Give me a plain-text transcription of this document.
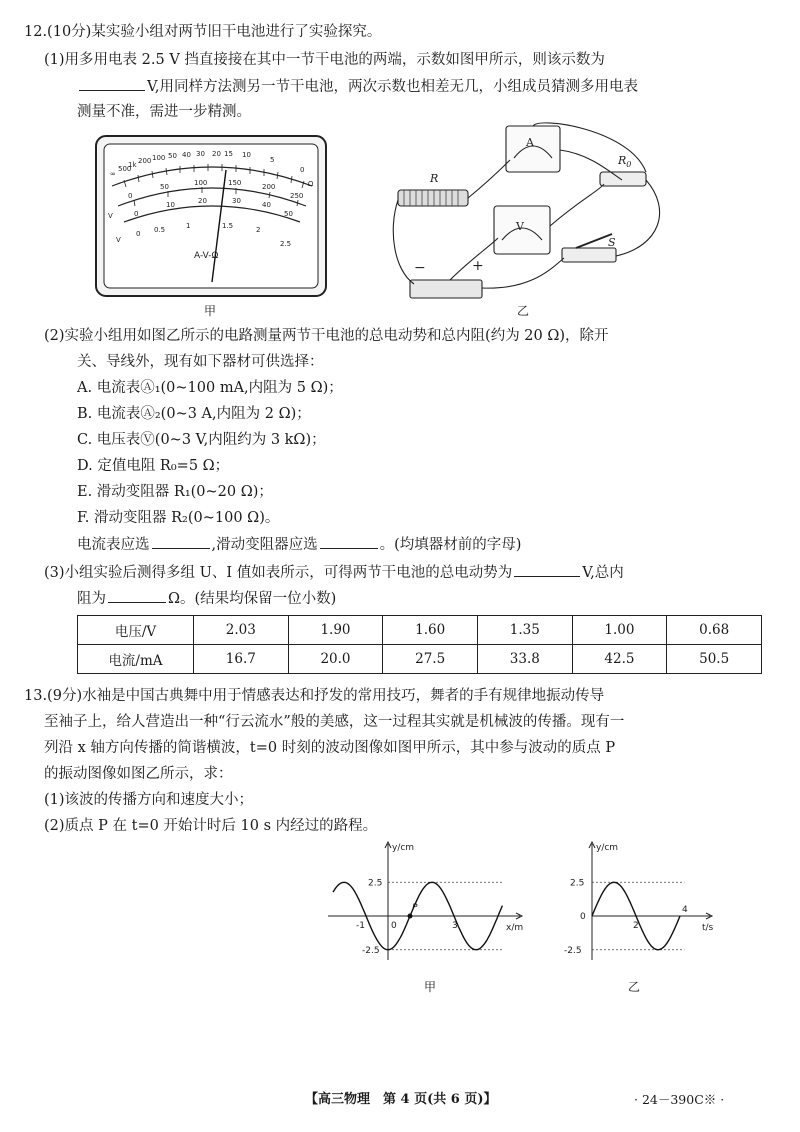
12.(10分)某实验小组对两节旧干电池进行了实验探究。
(1)用多用电表 2.5 V 挡直接接在其中一节干电池的两端，示数如图甲所示，则该示数为
V,用同样方法测另一节干电池，两次示数也相差无几，小组成员猜测多用电表
测量不准，需进一步精测。
∞
500
1k 200 100 50 40 30 20 15 10
5
0
Ω
0
50	100	150	200
250
0
10	20	30	40
50
0 0.5	1	1.5	2
2.5
V
V
A-V-Ω
甲
A
V
R
$R_0$
S
−	+
乙
(2)实验小组用如图乙所示的电路测量两节干电池的总电动势和总内阻(约为 20 Ω)，除开
关、导线外，现有如下器材可供选择：
A. 电流表Ⓐ₁(0~100 mA,内阻为 5 Ω)；
B. 电流表Ⓐ₂(0~3 A,内阻为 2 Ω)；
C. 电压表Ⓥ(0~3 V,内阻约为 3 kΩ)；
D. 定值电阻 R₀=5 Ω；
E. 滑动变阻器 R₁(0~20 Ω)；
F. 滑动变阻器 R₂(0~100 Ω)。
电流表应选	,滑动变阻器应选	。(均填器材前的字母)
(3)小组实验后测得多组 U、I 值如表所示，可得两节干电池的总电动势为	V,总内
阻为	Ω。(结果均保留一位小数)
电压/V	2.03	1.90	1.60	1.35	1.00	0.68
电流/mA	16.7	20.0	27.5	33.8	42.5	50.5
13.(9分)水袖是中国古典舞中用于情感表达和抒发的常用技巧，舞者的手有规律地振动传导
至袖子上，给人营造出一种“行云流水”般的美感，这一过程其实就是机械波的传播。现有一
列沿 x 轴方向传播的简谐横波，t=0 时刻的波动图像如图甲所示，其中参与波动的质点 P
的振动图像如图乙所示，求：
(1)该波的传播方向和速度大小；
(2)质点 P 在 t=0 开始计时后 10 s 内经过的路程。
y/cm
x/m
2.5
-2.5
-1	0	3
P
甲
y/cm
t/s
2.5
0
-2.5
2
4
乙
【高三物理　第 4 页(共 6 页)】	· 24－390C※ ·
